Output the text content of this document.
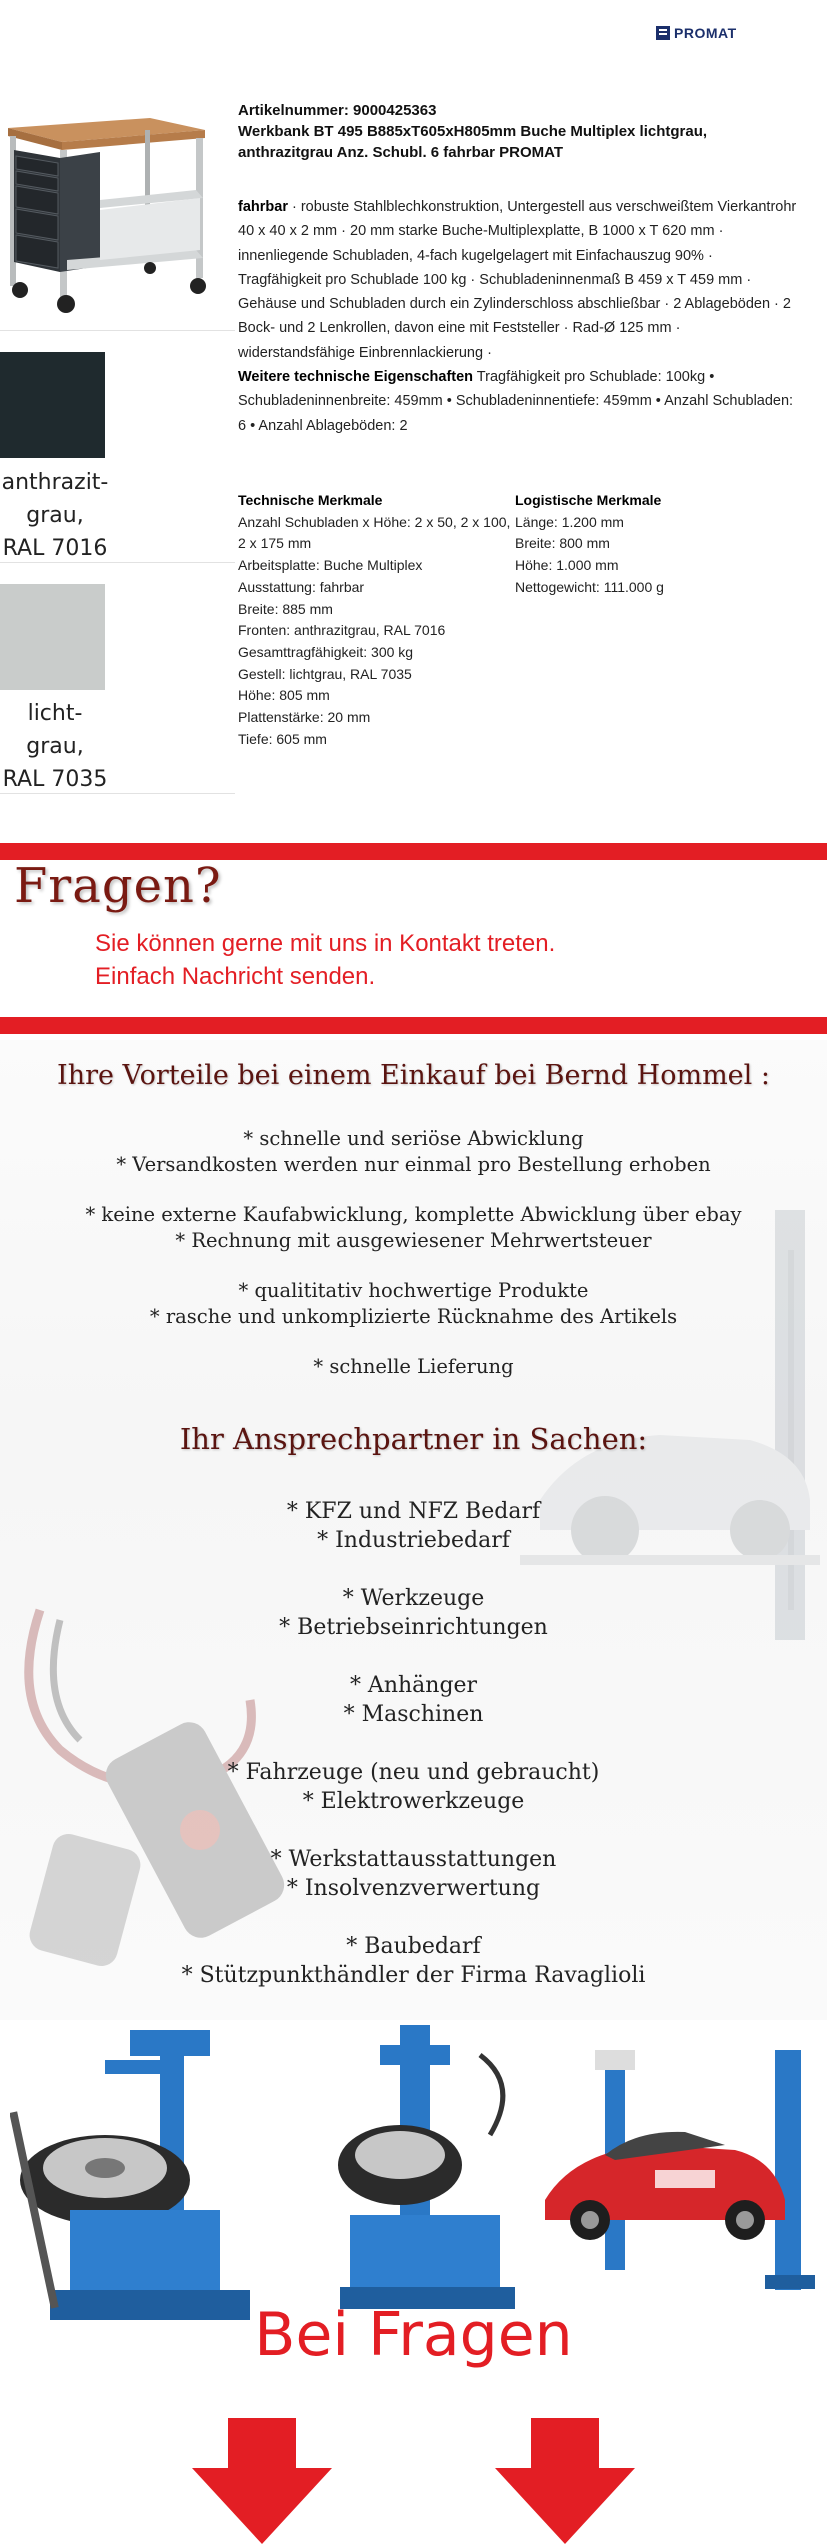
PROMAT
anthrazit-
grau,
RAL 7016
licht-
grau,
RAL 7035
Artikelnummer: 9000425363
Werkbank BT 495 B885xT605xH805mm Buche Multiplex lichtgrau, anthrazitgrau Anz. Schubl. 6 fahrbar PROMAT
fahrbar · robuste Stahlblechkonstruktion, Untergestell aus verschweißtem Vierkantrohr 40 x 40 x 2 mm · 20 mm starke Buche-Multiplexplatte, B 1000 x T 620 mm · innenliegende Schubladen, 4-fach kugelgelagert mit Einfachauszug 90% · Tragfähigkeit pro Schublade 100 kg · Schubladeninnenmaß B 459 x T 459 mm · Gehäuse und Schubladen durch ein Zylinderschloss abschließbar · 2 Ablageböden · 2 Bock- und 2 Lenkrollen, davon eine mit Feststeller · Rad-Ø 125 mm · widerstandsfähige Einbrennlackierung ·
Weitere technische Eigenschaften Tragfähigkeit pro Schublade: 100kg • Schubladeninnenbreite: 459mm • Schubladeninnentiefe: 459mm • Anzahl Schubladen: 6 • Anzahl Ablageböden: 2
Technische Merkmale
Anzahl Schubladen x Höhe: 2 x 50, 2 x 100, 2 x 175 mm
Arbeitsplatte: Buche Multiplex
Ausstattung: fahrbar
Breite: 885 mm
Fronten: anthrazitgrau, RAL 7016
Gesamttragfähigkeit: 300 kg
Gestell: lichtgrau, RAL 7035
Höhe: 805 mm
Plattenstärke: 20 mm
Tiefe: 605 mm
Logistische Merkmale
Länge: 1.200 mm
Breite: 800 mm
Höhe: 1.000 mm
Nettogewicht: 111.000 g
Fragen?
Sie können gerne mit uns in Kontakt treten.
Einfach Nachricht senden.
Ihre Vorteile bei einem Einkauf bei Bernd Hommel :
* schnelle und seriöse Abwicklung
* Versandkosten werden nur einmal pro Bestellung erhoben
* keine externe Kaufabwicklung, komplette Abwicklung über ebay
* Rechnung mit ausgewiesener Mehrwertsteuer
* qualititativ hochwertige Produkte
* rasche und unkomplizierte Rücknahme des Artikels
* schnelle Lieferung
Ihr Ansprechpartner in Sachen:
* KFZ und NFZ Bedarf
* Industriebedarf
* Werkzeuge
* Betriebseinrichtungen
* Anhänger
* Maschinen
* Fahrzeuge (neu und gebraucht)
* Elektrowerkzeuge
* Werkstattausstattungen
* Insolvenzverwertung
* Baubedarf
* Stützpunkthändler der Firma Ravaglioli
Bei Fragen
